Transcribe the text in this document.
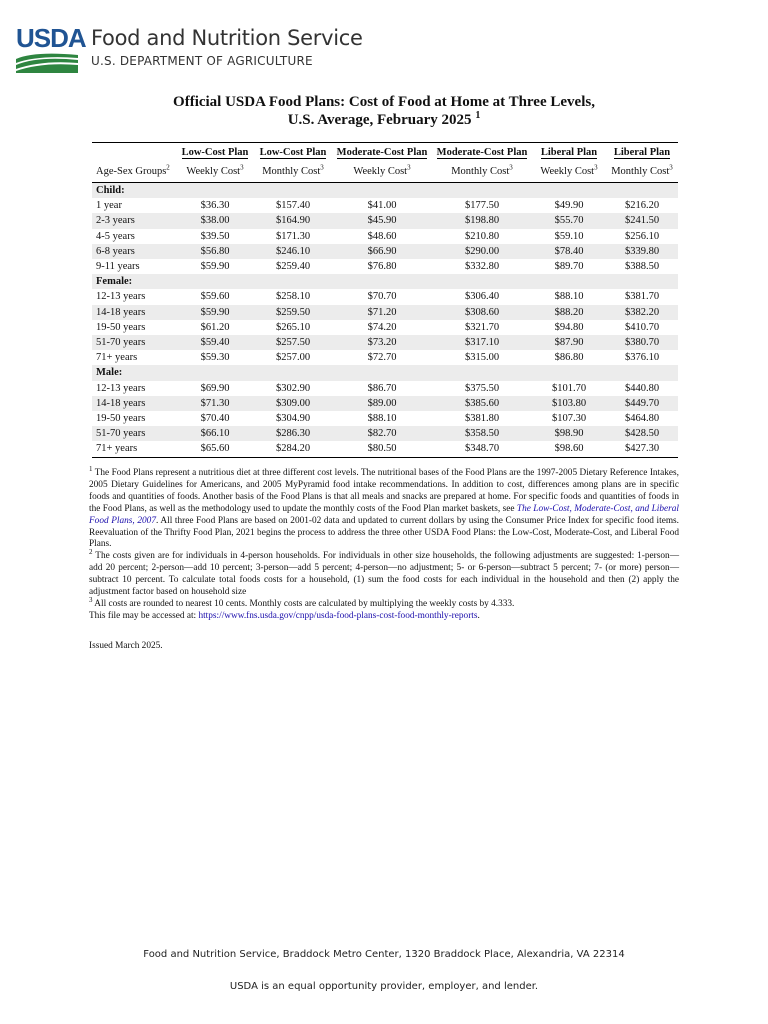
USDA Food and Nutrition Service
U.S. DEPARTMENT OF AGRICULTURE
Official USDA Food Plans: Cost of Food at Home at Three Levels,
U.S. Average, February 2025 $^1$
	Low-Cost Plan	Low-Cost Plan	Moderate-Cost Plan	Moderate-Cost Plan	Liberal Plan	Liberal Plan
Age-Sex Groups$^2$	Weekly Cost$^3$	Monthly Cost$^3$	Weekly Cost$^3$	Monthly Cost$^3$	Weekly Cost$^3$	Monthly Cost$^3$
Child:						
1 year	$36.30	$157.40	$41.00	$177.50	$49.90	$216.20
2-3 years	$38.00	$164.90	$45.90	$198.80	$55.70	$241.50
4-5 years	$39.50	$171.30	$48.60	$210.80	$59.10	$256.10
6-8 years	$56.80	$246.10	$66.90	$290.00	$78.40	$339.80
9-11 years	$59.90	$259.40	$76.80	$332.80	$89.70	$388.50
Female:						
12-13 years	$59.60	$258.10	$70.70	$306.40	$88.10	$381.70
14-18 years	$59.90	$259.50	$71.20	$308.60	$88.20	$382.20
19-50 years	$61.20	$265.10	$74.20	$321.70	$94.80	$410.70
51-70 years	$59.40	$257.50	$73.20	$317.10	$87.90	$380.70
71+ years	$59.30	$257.00	$72.70	$315.00	$86.80	$376.10
Male:						
12-13 years	$69.90	$302.90	$86.70	$375.50	$101.70	$440.80
14-18 years	$71.30	$309.00	$89.00	$385.60	$103.80	$449.70
19-50 years	$70.40	$304.90	$88.10	$381.80	$107.30	$464.80
51-70 years	$66.10	$286.30	$82.70	$358.50	$98.90	$428.50
71+ years	$65.60	$284.20	$80.50	$348.70	$98.60	$427.30

$^1$ The Food Plans represent a nutritious diet at three different cost levels. The nutritional bases of the Food Plans are the 1997-2005 Dietary Reference Intakes, 2005 Dietary Guidelines for Americans, and 2005 MyPyramid food intake recommendations. In addition to cost, differences among plans are in specific foods and quantities of foods. Another basis of the Food Plans is that all meals and snacks are prepared at home. For specific foods and quantities of foods in the Food Plans, as well as the methodology used to update the monthly costs of the Food Plan market baskets, see The Low-Cost, Moderate-Cost, and Liberal Food Plans, 2007. All three Food Plans are based on 2001-02 data and updated to current dollars by using the Consumer Price Index for specific food items. Reevaluation of the Thrifty Food Plan, 2021 begins the process to address the three other USDA Food Plans: the Low-Cost, Moderate-Cost, and Liberal Food Plans.

$^2$ The costs given are for individuals in 4-person households. For individuals in other size households, the following adjustments are suggested: 1-person—add 20 percent; 2-person—add 10 percent; 3-person—add 5 percent; 4-person—no adjustment; 5- or 6-person—subtract 5 percent; 7- (or more) person—subtract 10 percent. To calculate total foods costs for a household, (1) sum the food costs for each individual in the household and then (2) apply the adjustment factor based on household size

$^3$ All costs are rounded to nearest 10 cents. Monthly costs are calculated by multiplying the weekly costs by 4.333.

This file may be accessed at: https://www.fns.usda.gov/cnpp/usda-food-plans-cost-food-monthly-reports.

Issued March 2025.
Food and Nutrition Service, Braddock Metro Center, 1320 Braddock Place, Alexandria, VA 22314
USDA is an equal opportunity provider, employer, and lender.
